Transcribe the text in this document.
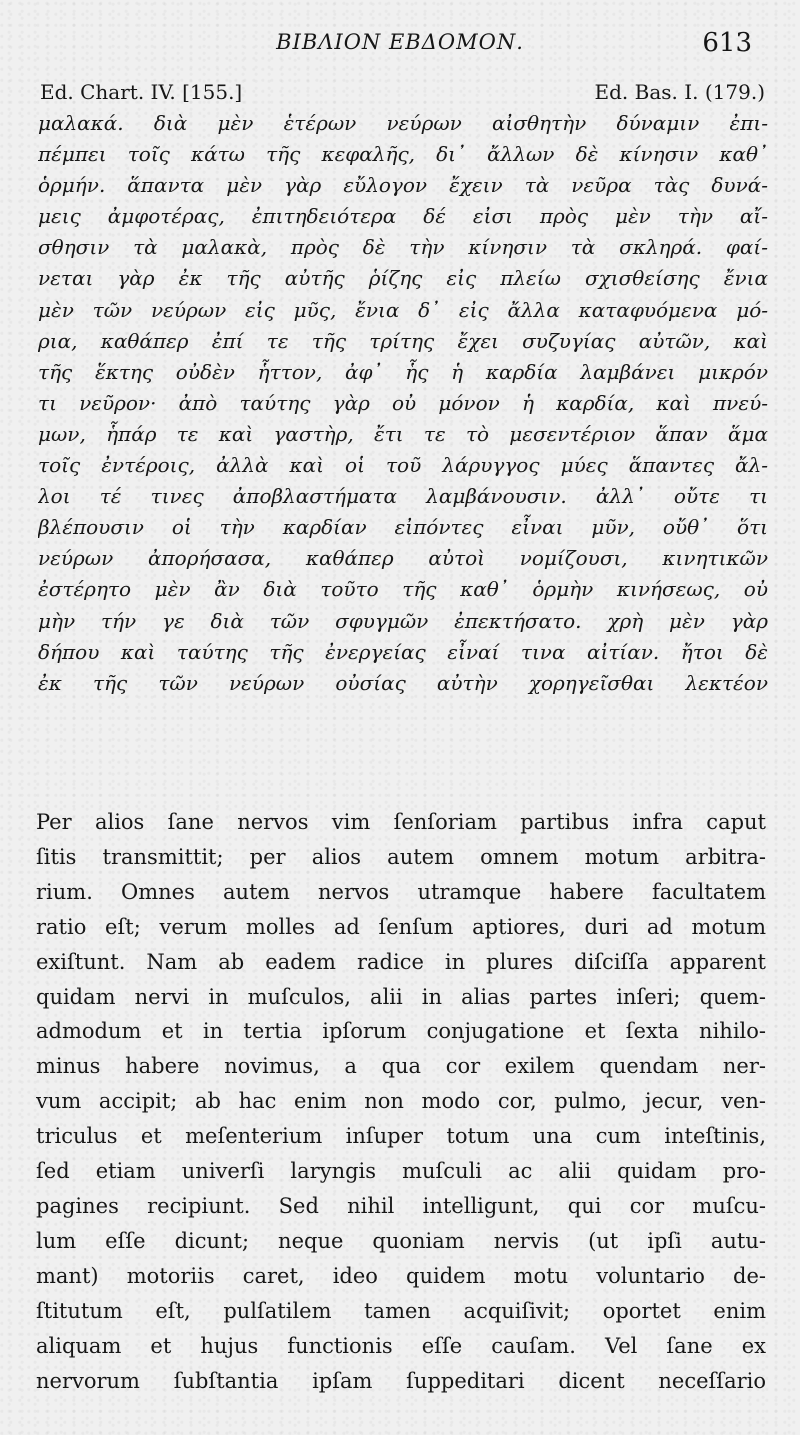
ΒΙΒΛΙΟΝ ΕΒΔΟΜΟΝ.	613
Ed. Chart. IV. [155.]	Ed. Bas. I. (179.)
μαλακά. διὰ μὲν ἑτέρων νεύρων αἰσθητὴν δύναμιν ἐπι-
πέμπει τοῖς κάτω τῆς κεφαλῆς, δι᾽ ἄλλων δὲ κίνησιν καθ᾽
ὁρμήν. ἅπαντα μὲν γὰρ εὔλογον ἔχειν τὰ νεῦρα τὰς δυνά-
μεις ἀμφοτέρας, ἐπιτηδειότερα δέ εἰσι πρὸς μὲν τὴν αἴ-
σθησιν τὰ μαλακὰ, πρὸς δὲ τὴν κίνησιν τὰ σκληρά. φαί-
νεται γὰρ ἐκ τῆς αὐτῆς ῥίζης εἰς πλείω σχισθείσης ἔνια
μὲν τῶν νεύρων εἰς μῦς, ἔνια δ᾽ εἰς ἄλλα καταφυόμενα μό-
ρια, καθάπερ ἐπί τε τῆς τρίτης ἔχει συζυγίας αὐτῶν, καὶ
τῆς ἕκτης οὐδὲν ἧττον, ἀφ᾽ ἧς ἡ καρδία λαμβάνει μικρόν
τι νεῦρον· ἀπὸ ταύτης γὰρ οὐ μόνον ἡ καρδία, καὶ πνεύ-
μων, ἧπάρ τε καὶ γαστὴρ, ἔτι τε τὸ μεσεντέριον ἅπαν ἅμα
τοῖς ἐντέροις, ἀλλὰ καὶ οἱ τοῦ λάρυγγος μύες ἅπαντες ἄλ-
λοι τέ τινες ἀποβλαστήματα λαμβάνουσιν. ἀλλ᾽ οὔτε τι
βλέπουσιν οἱ τὴν καρδίαν εἰπόντες εἶναι μῦν, οὔθ᾽ ὅτι
νεύρων ἀπορήσασα, καθάπερ αὐτοὶ νομίζουσι, κινητικῶν
ἐστέρητο μὲν ἂν διὰ τοῦτο τῆς καθ᾽ ὁρμὴν κινήσεως, οὐ
μὴν τήν γε διὰ τῶν σφυγμῶν ἐπεκτήσατο. χρὴ μὲν γὰρ
δήπου καὶ ταύτης τῆς ἐνεργείας εἶναί τινα αἰτίαν. ἤτοι δὲ
ἐκ τῆς τῶν νεύρων οὐσίας αὐτὴν χορηγεῖσθαι λεκτέον
Per alios ſane nervos vim ſenſoriam partibus infra caput
ſitis transmittit; per alios autem omnem motum arbitra-
rium. Omnes autem nervos utramque habere facultatem
ratio eſt; verum molles ad ſenſum aptiores, duri ad motum
exiſtunt. Nam ab eadem radice in plures diſciſſa apparent
quidam nervi in muſculos, alii in alias partes inſeri; quem-
admodum et in tertia ipſorum conjugatione et ſexta nihilo-
minus habere novimus, a qua cor exilem quendam ner-
vum accipit; ab hac enim non modo cor, pulmo, jecur, ven-
triculus et meſenterium inſuper totum una cum inteſtinis,
ſed etiam univerſi laryngis muſculi ac alii quidam pro-
pagines recipiunt. Sed nihil intelligunt, qui cor muſcu-
lum eſſe dicunt; neque quoniam nervis (ut ipſi autu-
mant) motoriis caret, ideo quidem motu voluntario de-
ſtitutum eſt, pulſatilem tamen acquiſivit; oportet enim
aliquam et hujus functionis eſſe cauſam. Vel ſane ex
nervorum ſubſtantia ipſam ſuppeditari dicent neceſſario
